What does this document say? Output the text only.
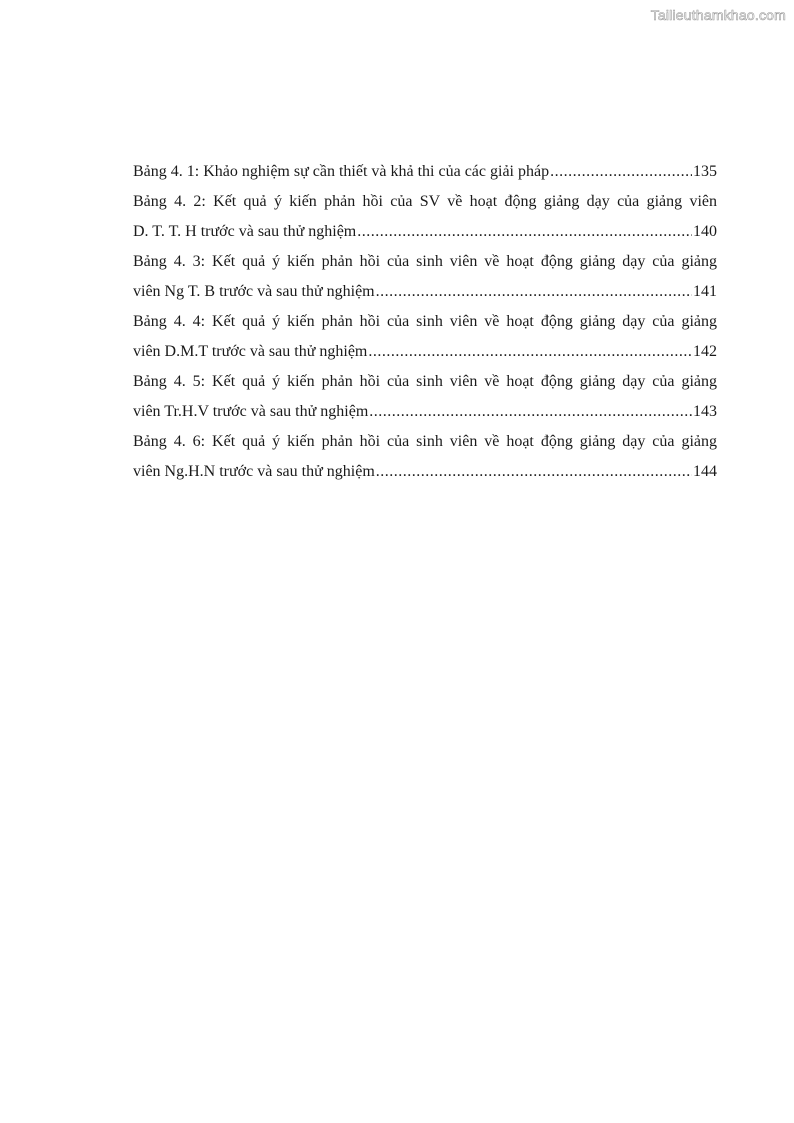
Tailieuthamkhao.com
Bảng 4. 1: Khảo nghiệm sự cần thiết và khả thi của các giải pháp .....	135
Bảng 4. 2: Kết quả ý kiến phản hồi của SV về hoạt động giảng dạy của giảng viên
D. T. T. H trước và sau thử nghiệm .....	140
Bảng 4. 3: Kết quả ý kiến phản hồi của sinh viên về hoạt động giảng dạy của giảng
viên Ng T. B trước và sau thử nghiệm .....	141
Bảng 4. 4: Kết quả ý kiến phản hồi của sinh viên về hoạt động giảng dạy của giảng
viên D.M.T trước và sau thử nghiệm .....	142
Bảng 4. 5: Kết quả ý kiến phản hồi của sinh viên về hoạt động giảng dạy của giảng
viên Tr.H.V trước và sau thử nghiệm .....	143
Bảng 4. 6: Kết quả ý kiến phản hồi của sinh viên về hoạt động giảng dạy của giảng
viên Ng.H.N trước và sau thử nghiệm .....	144
